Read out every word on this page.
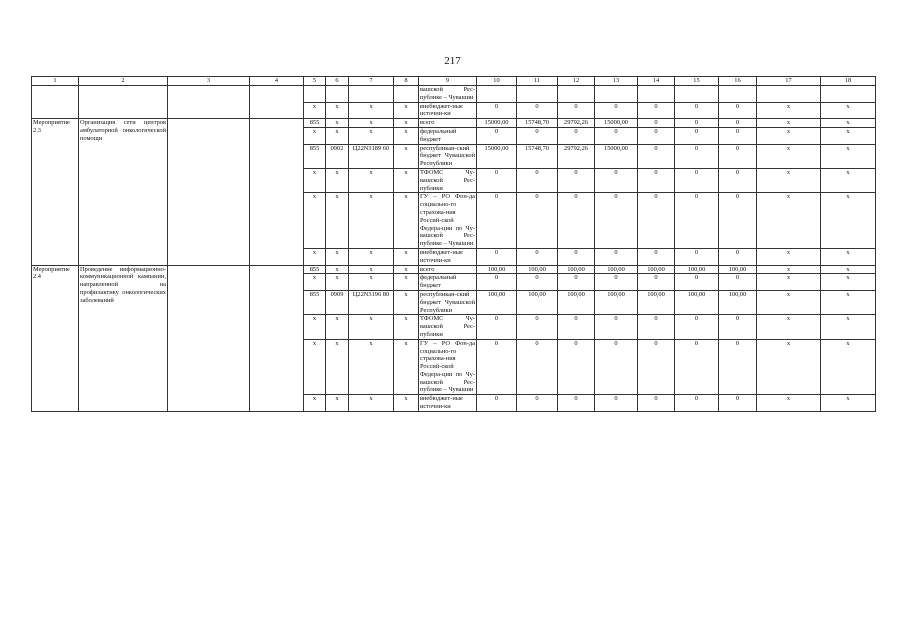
217
1	2	3	4	5	6	7	8	9	10	11	12	13	14	15	16	17	18
								вашской Рес-публике – Чувашии									
				x	x	x	x	внебюджет-ные источни-ки	0	0	0	0	0	0	0	x	x
Мероприятие 2.3	Организация сети центров амбулаторной онкологической помощи			855	х	х	х	всего	15000,00	15748,70	29792,26	15000,00	0	0	0	x	x
				x	x	x	x	федеральный бюджет	0	0	0	0	0	0	0	x	x
				855	0902	Ц22N3189 60	x	республикан-ский бюджет Чувашской Республики	15000,00	15748,70	29792,26	15000,00	0	0	0	x	x
				x	x	x	x	ТФОМС Чу-вашской Рес-публики	0	0	0	0	0	0	0	x	x
				x	x	x	x	ГУ – РО Фон-да социально-го страхова-ния Россий-ской Федера-ции по Чу-вашской Рес-публике – Чувашии	0	0	0	0	0	0	0	x	x
				x	x	x	x	внебюджет-ные источни-ки	0	0	0	0	0	0	0	x	x
Мероприятие 2.4	Проведение информационно-коммуникационной кампании, направленной на профилактику онкологических заболеваний			855	х	х	х	всего	100,00	100,00	100,00	100,00	100,00	100,00	100,00	x	x
				x	x	x	x	федеральный бюджет	0	0	0	0	0	0	0	x	x
				855	0909	Ц22N3196 80	x	республикан-ский бюджет Чувашской Республики	100,00	100,00	100,00	100,00	100,00	100,00	100,00	x	x
				x	x	x	x	ТФОМС Чу-вашской Рес-публики	0	0	0	0	0	0	0	x	x
				x	x	x	x	ГУ – РО Фон-да социально-го страхова-ния Россий-ской Федера-ции по Чу-вашской Рес-публике – Чувашии	0	0	0	0	0	0	0	x	x
				x	x	x	x	внебюджет-ные источни-ки	0	0	0	0	0	0	0	x	x
